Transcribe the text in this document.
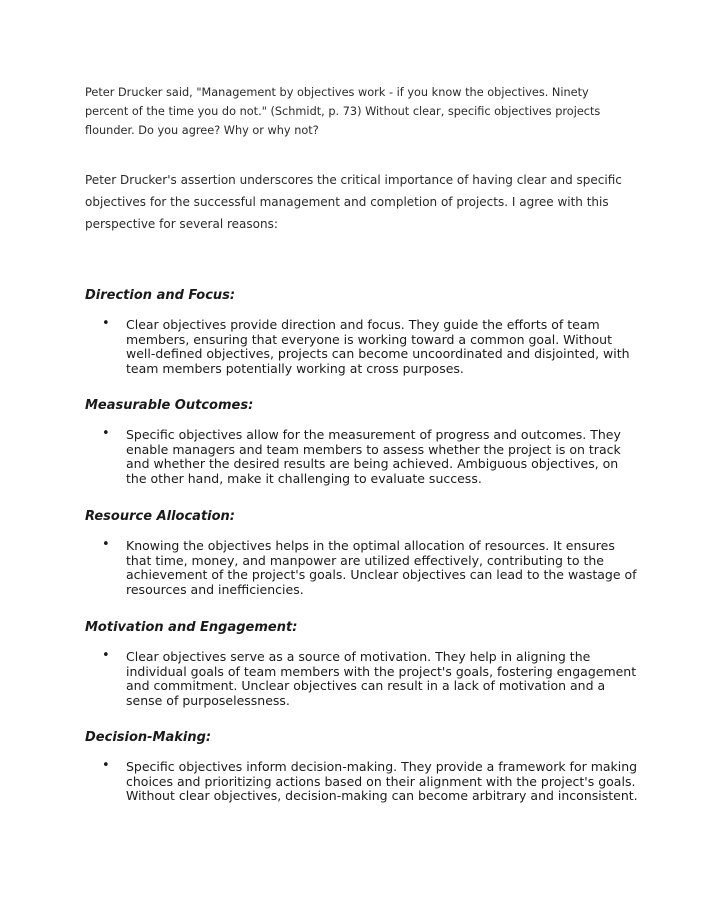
Peter Drucker said, "Management by objectives work - if you know the objectives. Ninety percent of the time you do not." (Schmidt, p. 73) Without clear, specific objectives projects flounder. Do you agree? Why or why not?

Peter Drucker's assertion underscores the critical importance of having clear and specific objectives for the successful management and completion of projects. I agree with this perspective for several reasons:

Direction and Focus:
• Clear objectives provide direction and focus. They guide the efforts of team members, ensuring that everyone is working toward a common goal. Without well-defined objectives, projects can become uncoordinated and disjointed, with team members potentially working at cross purposes.
Measurable Outcomes:
• Specific objectives allow for the measurement of progress and outcomes. They enable managers and team members to assess whether the project is on track and whether the desired results are being achieved. Ambiguous objectives, on the other hand, make it challenging to evaluate success.
Resource Allocation:
• Knowing the objectives helps in the optimal allocation of resources. It ensures that time, money, and manpower are utilized effectively, contributing to the achievement of the project's goals. Unclear objectives can lead to the wastage of resources and inefficiencies.
Motivation and Engagement:
• Clear objectives serve as a source of motivation. They help in aligning the individual goals of team members with the project's goals, fostering engagement and commitment. Unclear objectives can result in a lack of motivation and a sense of purposelessness.
Decision-Making:
• Specific objectives inform decision-making. They provide a framework for making choices and prioritizing actions based on their alignment with the project's goals. Without clear objectives, decision-making can become arbitrary and inconsistent.
